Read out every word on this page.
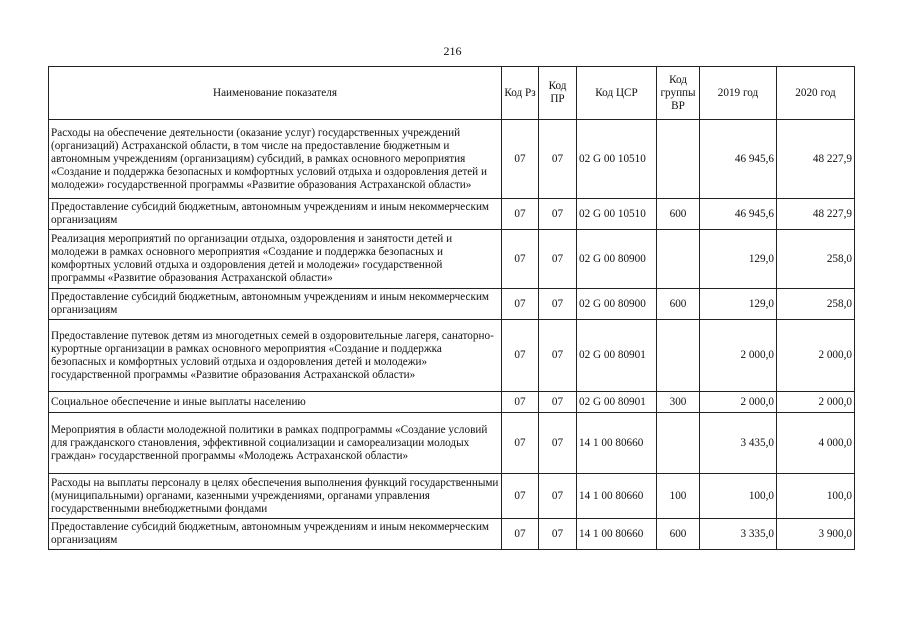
216
Наименование показателя	Код Рз	Код ПР	Код ЦСР	Код группы ВР	2019 год	2020 год
Расходы на обеспечение деятельности (оказание услуг) государственных учреждений (организаций) Астраханской области, в том числе на предоставление бюджетным и автономным учреждениям (организациям) субсидий, в рамках основного мероприятия «Создание и поддержка безопасных и комфортных условий отдыха и оздоровления детей и молодежи» государственной программы «Развитие образования Астраханской области»	07	07	02 G 00 10510		46 945,6	48 227,9
Предоставление субсидий бюджетным, автономным учреждениям и иным некоммерческим организациям	07	07	02 G 00 10510	600	46 945,6	48 227,9
Реализация мероприятий по организации отдыха, оздоровления и занятости детей и молодежи в рамках основного мероприятия «Создание и поддержка безопасных и комфортных условий отдыха и оздоровления детей и молодежи» государственной программы «Развитие образования Астраханской области»	07	07	02 G 00 80900		129,0	258,0
Предоставление субсидий бюджетным, автономным учреждениям и иным некоммерческим организациям	07	07	02 G 00 80900	600	129,0	258,0
Предоставление путевок детям из многодетных семей в оздоровительные лагеря, санаторно-курортные организации в рамках основного мероприятия «Создание и поддержка безопасных и комфортных условий отдыха и оздоровления детей и молодежи» государственной программы «Развитие образования Астраханской области»	07	07	02 G 00 80901		2 000,0	2 000,0
Социальное обеспечение и иные выплаты населению	07	07	02 G 00 80901	300	2 000,0	2 000,0
Мероприятия в области молодежной политики в рамках подпрограммы «Создание условий для гражданского становления, эффективной социализации и самореализации молодых граждан» государственной программы «Молодежь Астраханской области»	07	07	14 1 00 80660		3 435,0	4 000,0
Расходы на выплаты персоналу в целях обеспечения выполнения функций государственными (муниципальными) органами, казенными учреждениями, органами управления государственными внебюджетными фондами	07	07	14 1 00 80660	100	100,0	100,0
Предоставление субсидий бюджетным, автономным учреждениям и иным некоммерческим организациям	07	07	14 1 00 80660	600	3 335,0	3 900,0
